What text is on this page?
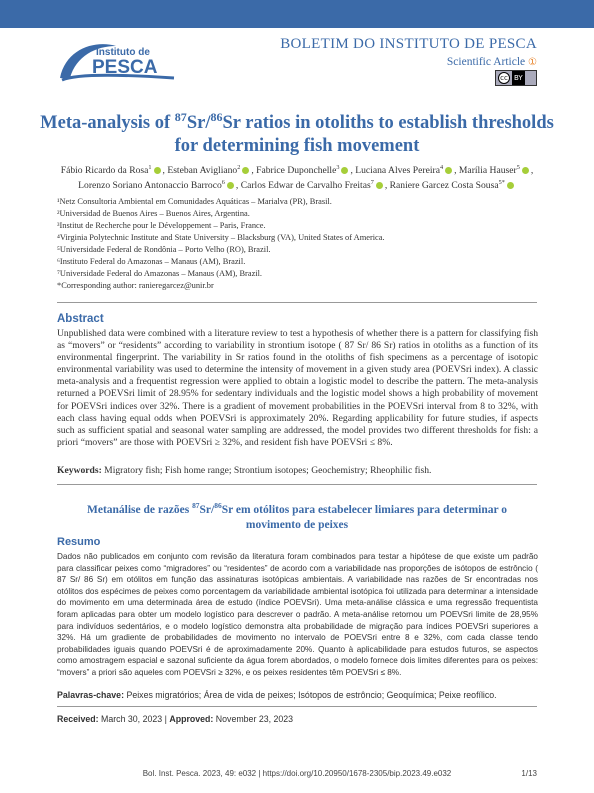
Instituto de
PESCA
BOLETIM DO INSTITUTO DE PESCA
Scientific Article ①
cc BY
Meta-analysis of $^{87}$Sr/$^{86}$Sr ratios in otoliths to establish thresholds for determining fish movement
Fábio Ricardo da Rosa$^1$ , Esteban Avigliano$^2$ , Fabrice Duponchelle$^3$ , Luciana Alves Pereira$^4$ , Marília Hauser$^5$ ,
Lorenzo Soriano Antonaccio Barroco$^6$ , Carlos Edwar de Carvalho Freitas$^7$ , Raniere Garcez Costa Sousa$^{5*}$
¹Netz Consultoria Ambiental em Comunidades Aquáticas – Marialva (PR), Brasil.
²Universidad de Buenos Aires – Buenos Aires, Argentina.
³Institut de Recherche pour le Développement – Paris, France.
⁴Virginia Polytechnic Institute and State University – Blacksburg (VA), United States of America.
⁵Universidade Federal de Rondônia – Porto Velho (RO), Brazil.
⁶Instituto Federal do Amazonas – Manaus (AM), Brazil.
⁷Universidade Federal do Amazonas – Manaus (AM), Brazil.
*Corresponding author: ranieregarcez@unir.br
Abstract
Unpublished data were combined with a literature review to test a hypothesis of whether there is a pattern for classifying fish as “movers” or “residents” according to variability in strontium isotope ( 87 Sr/ 86 Sr) ratios in otoliths as a function of its environmental fingerprint. The variability in Sr ratios found in the otoliths of fish specimens as a percentage of isotopic environmental variability was used to determine the intensity of movement in a given study area (POEVSri index). A classic meta-analysis and a frequentist regression were applied to obtain a logistic model to describe the pattern. The meta-analysis returned a POEVSri limit of 28.95% for sedentary individuals and the logistic model shows a high probability of movement for POEVSri indices over 32%. There is a gradient of movement probabilities in the POEVSri interval from 8 to 32%, with each class having equal odds when POEVSri is approximately 20%. Regarding applicability for future studies, if aspects such as sufficient spatial and seasonal water sampling are addressed, the model provides two different thresholds for fish: a priori “movers” are those with POEVSri ≥ 32%, and resident fish have POEVSri ≤ 8%.
Keywords: Migratory fish; Fish home range; Strontium isotopes; Geochemistry; Rheophilic fish.
Metanálise de razões $^{87}$Sr/$^{86}$Sr em otólitos para estabelecer limiares para determinar o movimento de peixes
Resumo
Dados não publicados em conjunto com revisão da literatura foram combinados para testar a hipótese de que existe um padrão para classificar peixes como “migradores” ou “residentes” de acordo com a variabilidade nas proporções de isótopos de estrôncio ( 87 Sr/ 86 Sr) em otólitos em função das assinaturas isotópicas ambientais. A variabilidade nas razões de Sr encontradas nos otólitos dos espécimes de peixes como porcentagem da variabilidade ambiental isotópica foi utilizada para determinar a intensidade do movimento em uma determinada área de estudo (índice POEVSri). Uma meta-análise clássica e uma regressão frequentista foram aplicadas para obter um modelo logístico para descrever o padrão. A meta-análise retornou um POEVSri limite de 28,95% para indivíduos sedentários, e o modelo logístico demonstra alta probabilidade de migração para índices POEVSri superiores a 32%. Há um gradiente de probabilidades de movimento no intervalo de POEVSri entre 8 e 32%, com cada classe tendo probabilidades iguais quando POEVSri é de aproximadamente 20%. Quanto à aplicabilidade para estudos futuros, se aspectos como amostragem espacial e sazonal suficiente da água forem abordados, o modelo fornece dois limites diferentes para os peixes: “movers” a priori são aqueles com POEVSri ≥ 32%, e os peixes residentes têm POEVSri ≤ 8%.
Palavras-chave: Peixes migratórios; Área de vida de peixes; Isótopos de estrôncio; Geoquímica; Peixe reofílico.
Received: March 30, 2023 | Approved: November 23, 2023
Bol. Inst. Pesca. 2023, 49: e032 | https://doi.org/10.20950/1678-2305/bip.2023.49.e032	1/13
